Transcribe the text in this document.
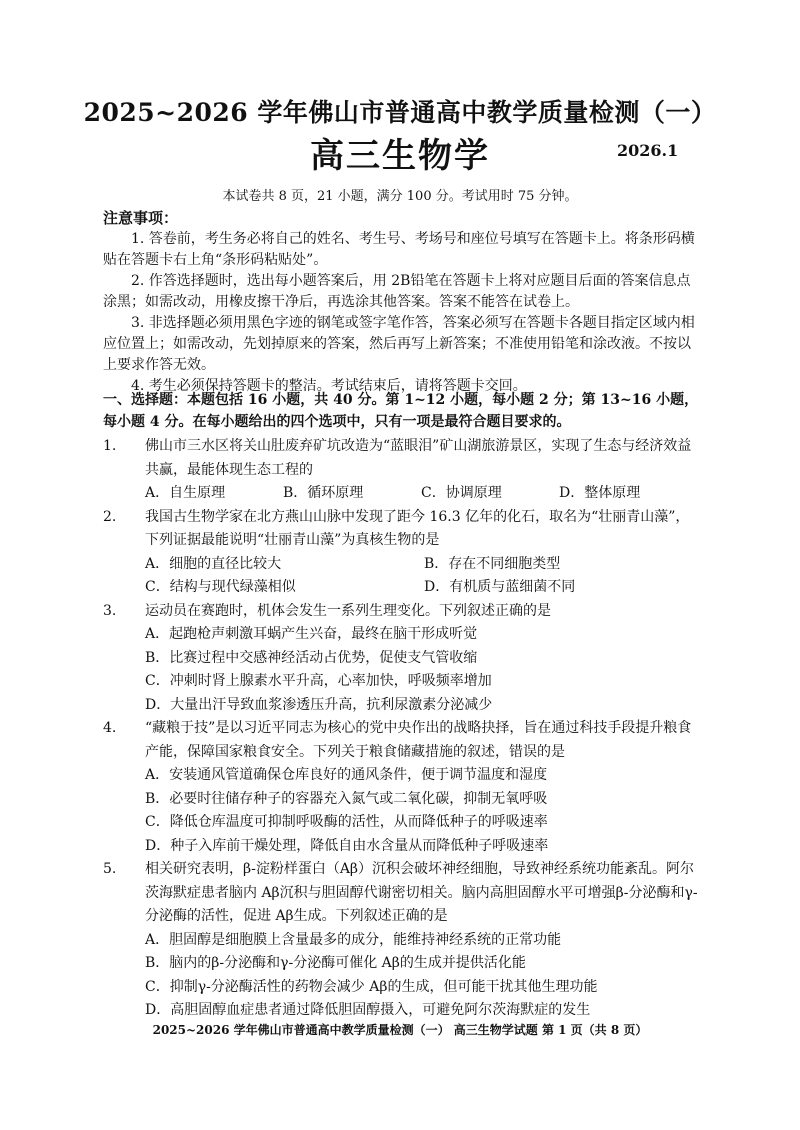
2025~2026 学年佛山市普通高中教学质量检测（一）
高三生物学	2026.1
本试卷共 8 页，21 小题，满分 100 分。考试用时 75 分钟。
注意事项：

1. 答卷前，考生务必将自己的姓名、考生号、考场号和座位号填写在答题卡上。将条形码横贴在答题卡右上角“条形码粘贴处”。

2. 作答选择题时，选出每小题答案后，用 2B铅笔在答题卡上将对应题目后面的答案信息点涂黑；如需改动，用橡皮擦干净后，再选涂其他答案。答案不能答在试卷上。

3. 非选择题必须用黑色字迹的钢笔或签字笔作答，答案必须写在答题卡各题目指定区域内相应位置上；如需改动，先划掉原来的答案，然后再写上新答案；不准使用铅笔和涂改液。不按以上要求作答无效。

4. 考生必须保持答题卡的整洁。考试结束后，请将答题卡交回。

一、选择题：本题包括 16 小题，共 40 分。第 1~12 小题，每小题 2 分；第 13~16 小题，每小题 4 分。在每小题给出的四个选项中，只有一项是最符合题目要求的。
1. 佛山市三水区将关山肚废弃矿坑改造为“蓝眼泪”矿山湖旅游景区，实现了生态与经济效益共赢，最能体现生态工程的
A．自生原理	B．循环原理	C．协调原理	D．整体原理
2. 我国古生物学家在北方燕山山脉中发现了距今 16.3 亿年的化石，取名为“壮丽青山藻”，下列证据最能说明“壮丽青山藻”为真核生物的是
A．细胞的直径比较大	B．存在不同细胞类型
C．结构与现代绿藻相似	D．有机质与蓝细菌不同
3. 运动员在赛跑时，机体会发生一系列生理变化。下列叙述正确的是
A．起跑枪声刺激耳蜗产生兴奋，最终在脑干形成听觉
B．比赛过程中交感神经活动占优势，促使支气管收缩
C．冲刺时肾上腺素水平升高，心率加快，呼吸频率增加
D．大量出汗导致血浆渗透压升高，抗利尿激素分泌减少
4. “藏粮于技”是以习近平同志为核心的党中央作出的战略抉择，旨在通过科技手段提升粮食产能，保障国家粮食安全。下列关于粮食储藏措施的叙述，错误的是
A．安装通风管道确保仓库良好的通风条件，便于调节温度和湿度
B．必要时往储存种子的容器充入氮气或二氧化碳，抑制无氧呼吸
C．降低仓库温度可抑制呼吸酶的活性，从而降低种子的呼吸速率
D．种子入库前干燥处理，降低自由水含量从而降低种子呼吸速率
5. 相关研究表明，β-淀粉样蛋白（Aβ）沉积会破坏神经细胞，导致神经系统功能紊乱。阿尔茨海默症患者脑内 Aβ沉积与胆固醇代谢密切相关。脑内高胆固醇水平可增强β-分泌酶和γ-分泌酶的活性，促进 Aβ生成。下列叙述正确的是
A．胆固醇是细胞膜上含量最多的成分，能维持神经系统的正常功能
B．脑内的β-分泌酶和γ-分泌酶可催化 Aβ的生成并提供活化能
C．抑制γ-分泌酶活性的药物会减少 Aβ的生成，但可能干扰其他生理功能
D．高胆固醇血症患者通过降低胆固醇摄入，可避免阿尔茨海默症的发生
2025~2026 学年佛山市普通高中教学质量检测（一） 高三生物学试题 第 1 页（共 8 页）
